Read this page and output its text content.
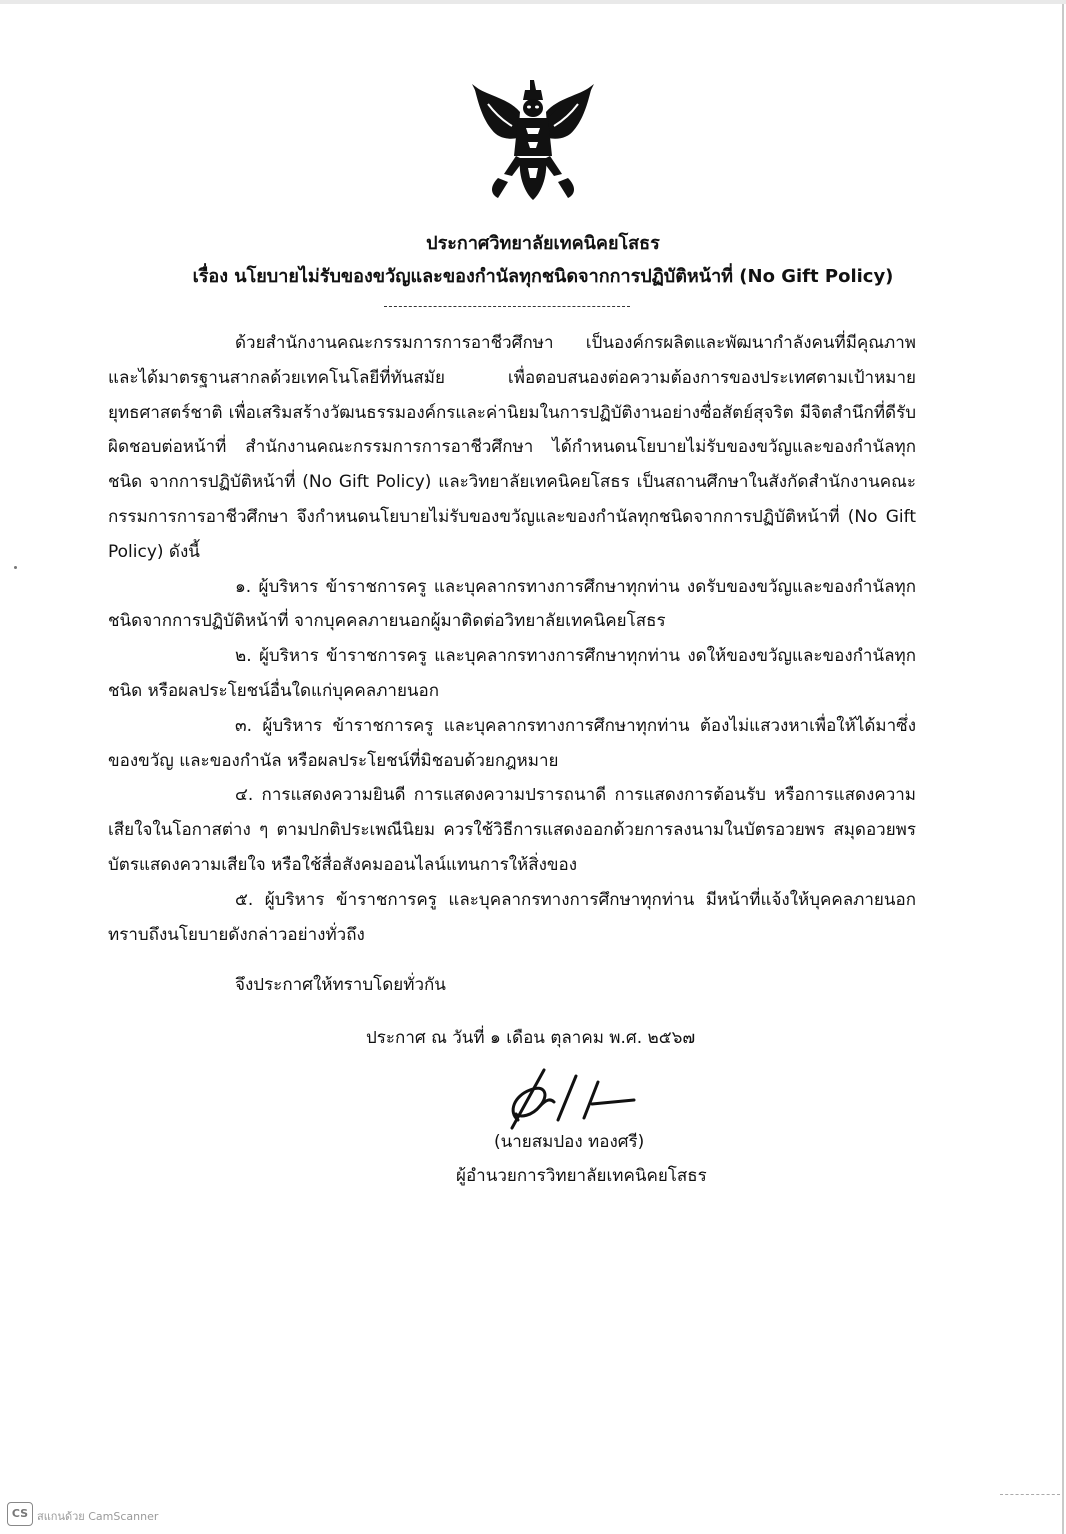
ประกาศวิทยาลัยเทคนิคยโสธร
เรื่อง นโยบายไม่รับของขวัญและของกำนัลทุกชนิดจากการปฏิบัติหน้าที่ (No Gift Policy)

ด้วยสำนักงานคณะกรรมการการอาชีวศึกษา เป็นองค์กรผลิตและพัฒนากำลังคนที่มีคุณภาพ และได้มาตรฐานสากลด้วยเทคโนโลยีที่ทันสมัย เพื่อตอบสนองต่อความต้องการของประเทศตามเป้าหมายยุทธศาสตร์ชาติ เพื่อเสริมสร้างวัฒนธรรมองค์กรและค่านิยมในการปฏิบัติงานอย่างซื่อสัตย์สุจริต มีจิตสำนึกที่ดีรับผิดชอบต่อหน้าที่ สำนักงานคณะกรรมการการอาชีวศึกษา ได้กำหนดนโยบายไม่รับของขวัญและของกำนัลทุกชนิด จากการปฏิบัติหน้าที่ (No Gift Policy) และวิทยาลัยเทคนิคยโสธร เป็นสถานศึกษาในสังกัดสำนักงานคณะกรรมการการอาชีวศึกษา จึงกำหนดนโยบายไม่รับของขวัญและของกำนัลทุกชนิดจากการปฏิบัติหน้าที่ (No Gift Policy) ดังนี้

๑. ผู้บริหาร ข้าราชการครู และบุคลากรทางการศึกษาทุกท่าน งดรับของขวัญและของกำนัลทุกชนิดจากการปฏิบัติหน้าที่ จากบุคคลภายนอกผู้มาติดต่อวิทยาลัยเทคนิคยโสธร

๒. ผู้บริหาร ข้าราชการครู และบุคลากรทางการศึกษาทุกท่าน งดให้ของขวัญและของกำนัลทุกชนิด หรือผลประโยชน์อื่นใดแก่บุคคลภายนอก

๓. ผู้บริหาร ข้าราชการครู และบุคลากรทางการศึกษาทุกท่าน ต้องไม่แสวงหาเพื่อให้ได้มาซึ่งของขวัญ และของกำนัล หรือผลประโยชน์ที่มิชอบด้วยกฎหมาย

๔. การแสดงความยินดี การแสดงความปรารถนาดี การแสดงการต้อนรับ หรือการแสดงความเสียใจในโอกาสต่าง ๆ ตามปกติประเพณีนิยม ควรใช้วิธีการแสดงออกด้วยการลงนามในบัตรอวยพร สมุดอวยพร บัตรแสดงความเสียใจ หรือใช้สื่อสังคมออนไลน์แทนการให้สิ่งของ

๕. ผู้บริหาร ข้าราชการครู และบุคลากรทางการศึกษาทุกท่าน มีหน้าที่แจ้งให้บุคคลภายนอกทราบถึงนโยบายดังกล่าวอย่างทั่วถึง

จึงประกาศให้ทราบโดยทั่วกัน
ประกาศ ณ วันที่ ๑ เดือน ตุลาคม พ.ศ. ๒๕๖๗
(นายสมปอง ทองศรี)
ผู้อำนวยการวิทยาลัยเทคนิคยโสธร
CS สแกนด้วย CamScanner
